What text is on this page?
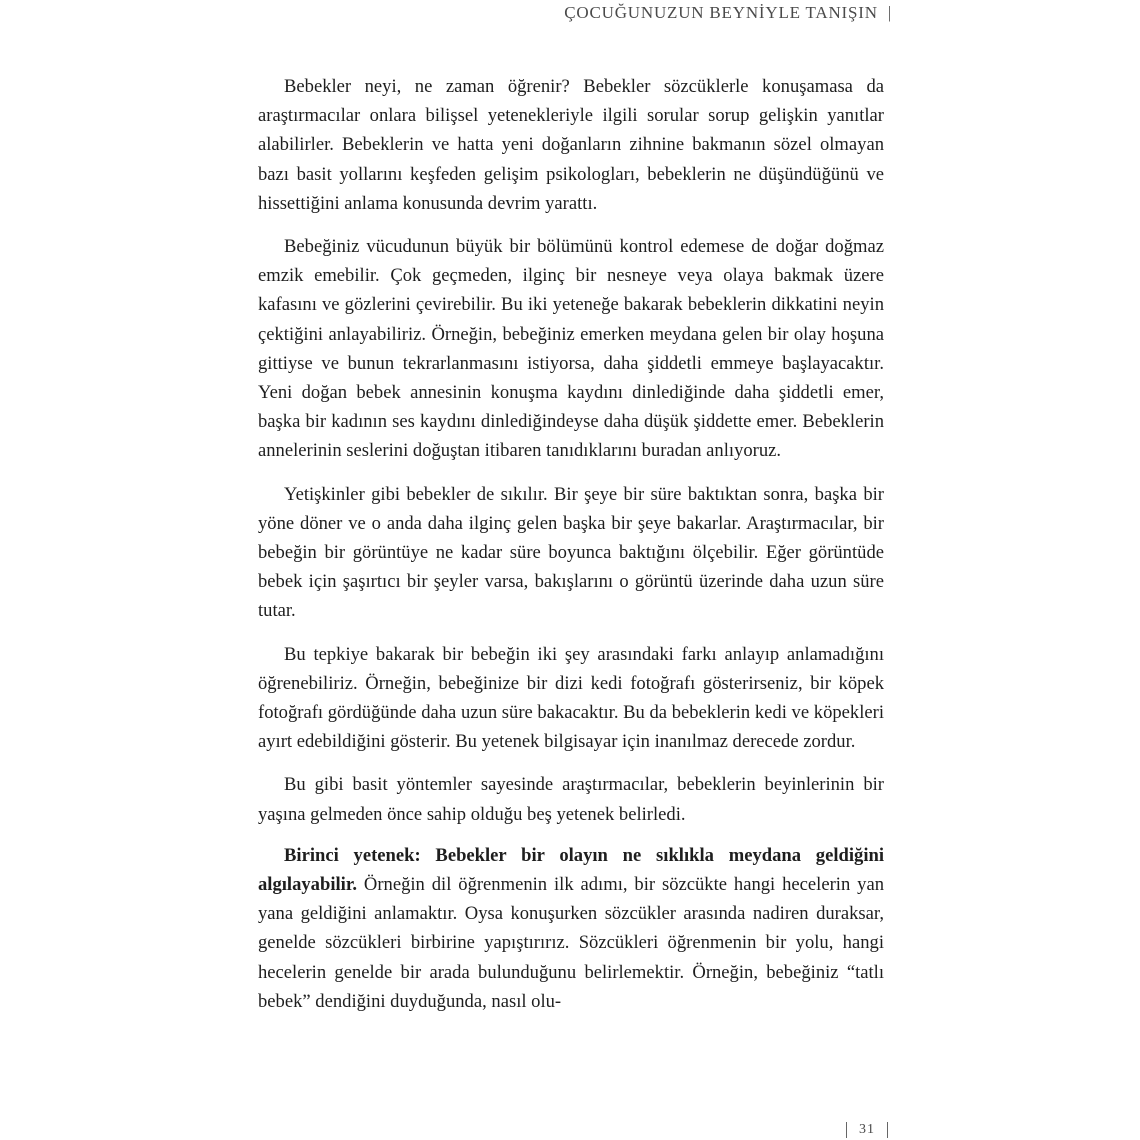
ÇOCUĞUNUZUN BEYNİYLE TANIŞIN |

Bebekler neyi, ne zaman öğrenir? Bebekler sözcüklerle konuşamasa da araştırmacılar onlara bilişsel yetenekleriyle ilgili sorular sorup gelişkin yanıtlar alabilirler. Bebeklerin ve hatta yeni doğanların zihnine bakmanın sözel olmayan bazı basit yollarını keşfeden gelişim psikologları, bebeklerin ne düşündüğünü ve hissettiğini anlama konusunda devrim yarattı.

Bebeğiniz vücudunun büyük bir bölümünü kontrol edemese de doğar doğmaz emzik emebilir. Çok geçmeden, ilginç bir nesneye veya olaya bakmak üzere kafasını ve gözlerini çevirebilir. Bu iki yeteneğe bakarak bebeklerin dikkatini neyin çektiğini anlayabiliriz. Örneğin, bebeğiniz emerken meydana gelen bir olay hoşuna gittiyse ve bunun tekrarlanmasını istiyorsa, daha şiddetli emmeye başlayacaktır. Yeni doğan bebek annesinin konuşma kaydını dinlediğinde daha şiddetli emer, başka bir kadının ses kaydını dinlediğindeyse daha düşük şiddette emer. Bebeklerin annelerinin seslerini doğuştan itibaren tanıdıklarını buradan anlıyoruz.

Yetişkinler gibi bebekler de sıkılır. Bir şeye bir süre baktıktan sonra, başka bir yöne döner ve o anda daha ilginç gelen başka bir şeye bakarlar. Araştırmacılar, bir bebeğin bir görüntüye ne kadar süre boyunca baktığını ölçebilir. Eğer görüntüde bebek için şaşırtıcı bir şeyler varsa, bakışlarını o görüntü üzerinde daha uzun süre tutar.

Bu tepkiye bakarak bir bebeğin iki şey arasındaki farkı anlayıp anlamadığını öğrenebiliriz. Örneğin, bebeğinize bir dizi kedi fotoğrafı gösterirseniz, bir köpek fotoğrafı gördüğünde daha uzun süre bakacaktır. Bu da bebeklerin kedi ve köpekleri ayırt edebildiğini gösterir. Bu yetenek bilgisayar için inanılmaz derecede zordur.

Bu gibi basit yöntemler sayesinde araştırmacılar, bebeklerin beyinlerinin bir yaşına gelmeden önce sahip olduğu beş yetenek belirledi.

Birinci yetenek: Bebekler bir olayın ne sıklıkla meydana geldiğini algılayabilir. Örneğin dil öğrenmenin ilk adımı, bir sözcükte hangi hecelerin yan yana geldiğini anlamaktır. Oysa konuşurken sözcükler arasında nadiren duraksar, genelde sözcükleri birbirine yapıştırırız. Sözcükleri öğrenmenin bir yolu, hangi hecelerin genelde bir arada bulunduğunu belirlemektir. Örneğin, bebeğiniz “tatlı bebek” dendiğini duyduğunda, nasıl olu-

31
